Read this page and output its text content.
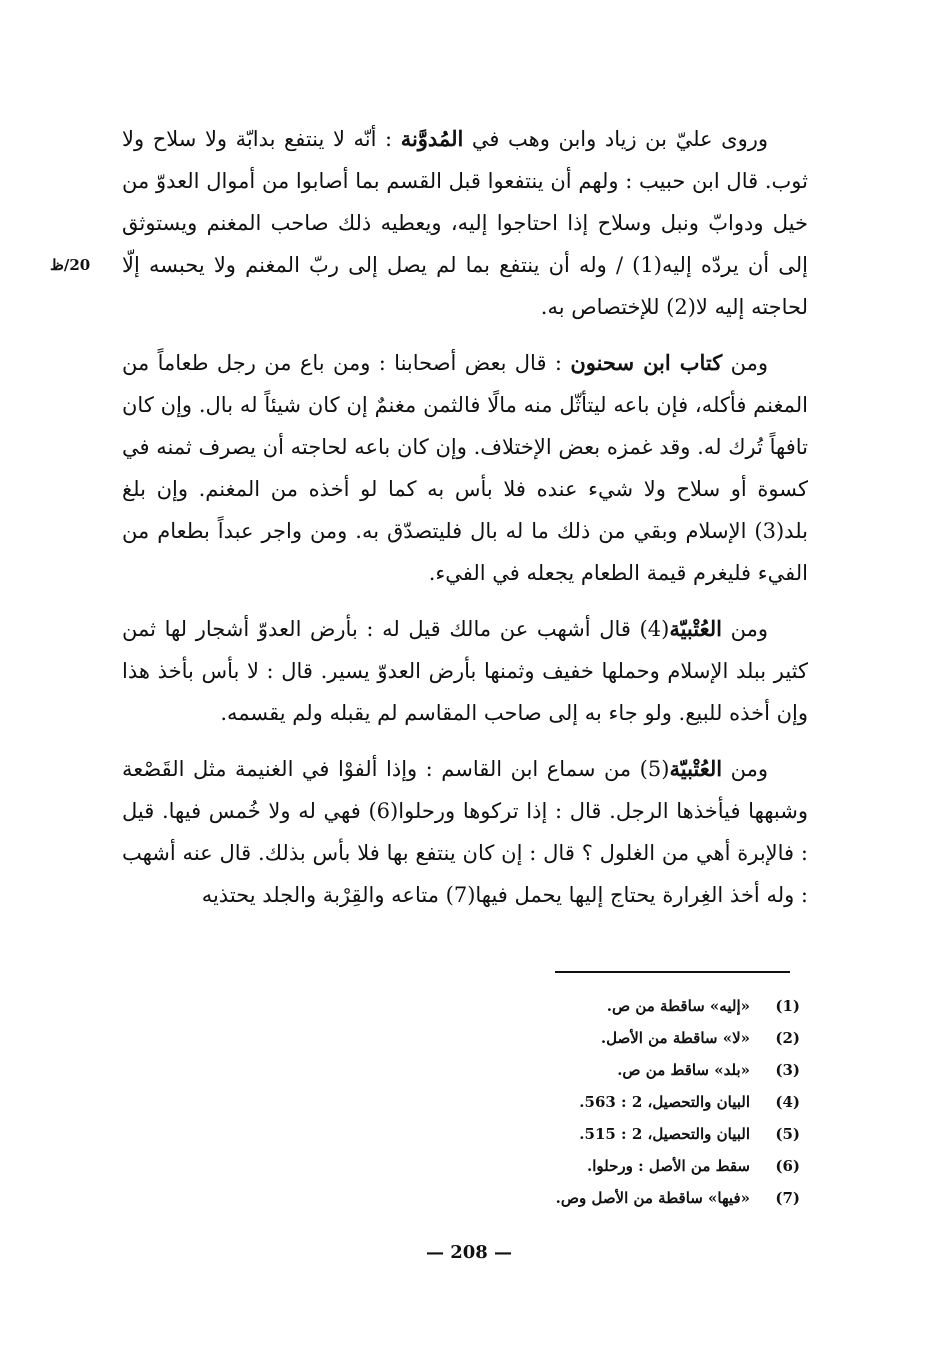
20/ظ

وروى عليّ بن زياد وابن وهب في المُدوَّنة : أنّه لا ينتفع بدابّة ولا سلاح ولا ثوب. قال ابن حبيب : ولهم أن ينتفعوا قبل القسم بما أصابوا من أموال العدوّ من خيل ودوابّ ونبل وسلاح إذا احتاجوا إليه، ويعطيه ذلك صاحب المغنم ويستوثق إلى أن يردّه إليه(1) / وله أن ينتفع بما لم يصل إلى ربّ المغنم ولا يحبسه إلّا لحاجته إليه لا(2) للإختصاص به.

ومن كتاب ابن سحنون : قال بعض أصحابنا : ومن باع من رجل طعاماً من المغنم فأكله، فإن باعه ليتأثّل منه مالًا فالثمن مغنمٌ إن كان شيئاً له بال. وإن كان تافهاً تُرك له. وقد غمزه بعض الإختلاف. وإن كان باعه لحاجته أن يصرف ثمنه في كسوة أو سلاح ولا شيء عنده فلا بأس به كما لو أخذه من المغنم. وإن بلغ بلد(3) الإسلام وبقي من ذلك ما له بال فليتصدّق به. ومن واجر عبداً بطعام من الفيء فليغرم قيمة الطعام يجعله في الفيء.

ومن العُتْبيّة(4) قال أشهب عن مالك قيل له : بأرض العدوّ أشجار لها ثمن كثير ببلد الإسلام وحملها خفيف وثمنها بأرض العدوّ يسير. قال : لا بأس بأخذ هذا وإن أخذه للبيع. ولو جاء به إلى صاحب المقاسم لم يقبله ولم يقسمه.

ومن العُتْبيّة(5) من سماع ابن القاسم : وإذا ألفوْا في الغنيمة مثل القَصْعة وشبهها فيأخذها الرجل. قال : إذا تركوها ورحلوا(6) فهي له ولا خُمس فيها. قيل : فالإبرة أهي من الغلول ؟ قال : إن كان ينتفع بها فلا بأس بذلك. قال عنه أشهب : وله أخذ الغِرارة يحتاج إليها يحمل فيها(7) متاعه والقِرْبة والجلد يحتذيه

(1)
«إليه» ساقطة من ص.
(2)
«لا» ساقطة من الأصل.
(3)
«بلد» ساقط من ص.
(4)
البيان والتحصيل، 2 : 563.
(5)
البيان والتحصيل، 2 : 515.
(6)
سقط من الأصل : ورحلوا.
(7)
«فيها» ساقطة من الأصل وص.
— 208 —
